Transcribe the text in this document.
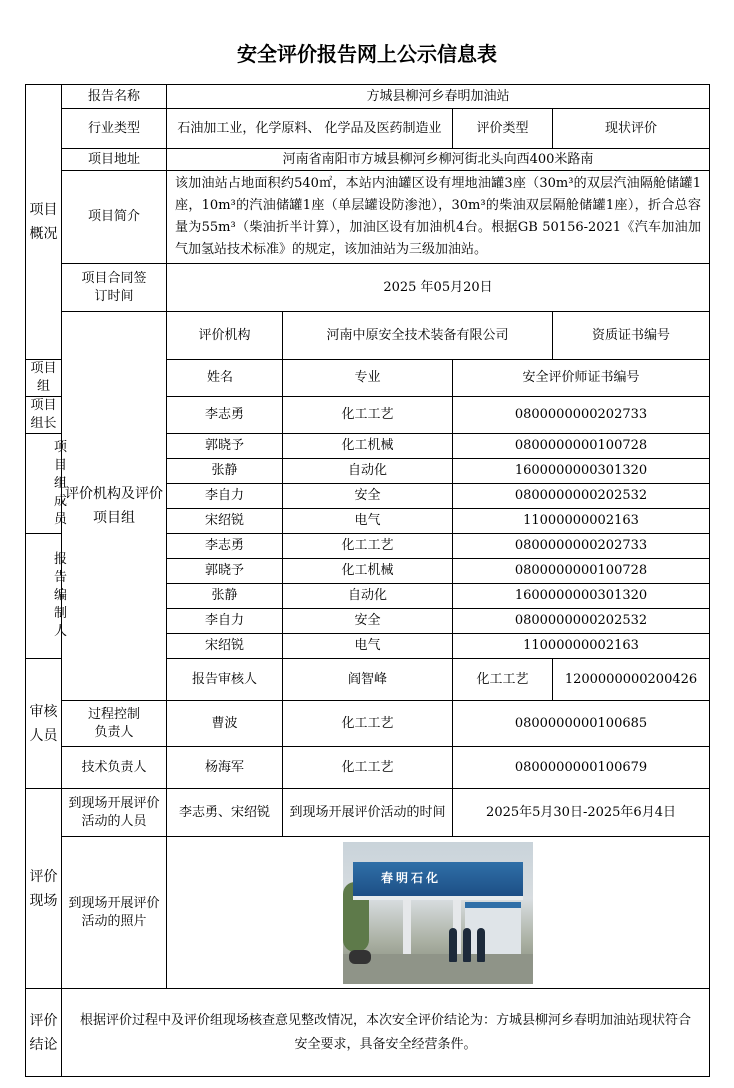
安全评价报告网上公示信息表
项目概况	报告名称	方城县柳河乡春明加油站				
	行业类型	石油加工业，化学原料、 化学品及医药制造业		评价类型	现状评价	
	项目地址	河南省南阳市方城县柳河乡柳河街北头向西400米路南				
	项目简介	该加油站占地面积约540㎡，本站内油罐区设有埋地油罐3座（30m³的双层汽油隔舱储罐1座，10m³的汽油储罐1座（单层罐设防渗池），30m³的柴油双层隔舱储罐1座），折合总容量为55m³（柴油折半计算），加油区设有加油机4台。根据GB 50156-2021《汽车加油加气加氢站技术标准》的规定，该加油站为三级加油站。				
	项目合同签订时间	2025 年05月20日				
	评价机构及评价项目组	评价机构	河南中原安全技术装备有限公司		资质证书编号	
项目组		姓名	专业	安全评价师证书编号		
项目组长		李志勇	化工工艺	0800000000202733		
项目组成员		郭晓予	化工机械	0800000000100728		
		张静	自动化	1600000000301320		
		李自力	安全	0800000000202532		
		宋绍锐	电气	11000000002163		
报告编制人		李志勇	化工工艺	0800000000202733		
		郭晓予	化工机械	0800000000100728		
		张静	自动化	1600000000301320		
		李自力	安全	0800000000202532		
		宋绍锐	电气	11000000002163		
审核人员		报告审核人	阎智峰	化工工艺	1200000000200426	
	过程控制负责人	曹波	化工工艺	0800000000100685		
	技术负责人	杨海军	化工工艺	0800000000100679		
评价现场	到现场开展评价活动的人员	李志勇、宋绍锐	到现场开展评价活动的时间	2025年5月30日-2025年6月4日		
	到现场开展评价活动的照片	春明石化				

评价结论	根据评价过程中及评价组现场核查意见整改情况，本次安全评价结论为：方城县柳河乡春明加油站现状符合安全要求，具备安全经营条件。					
